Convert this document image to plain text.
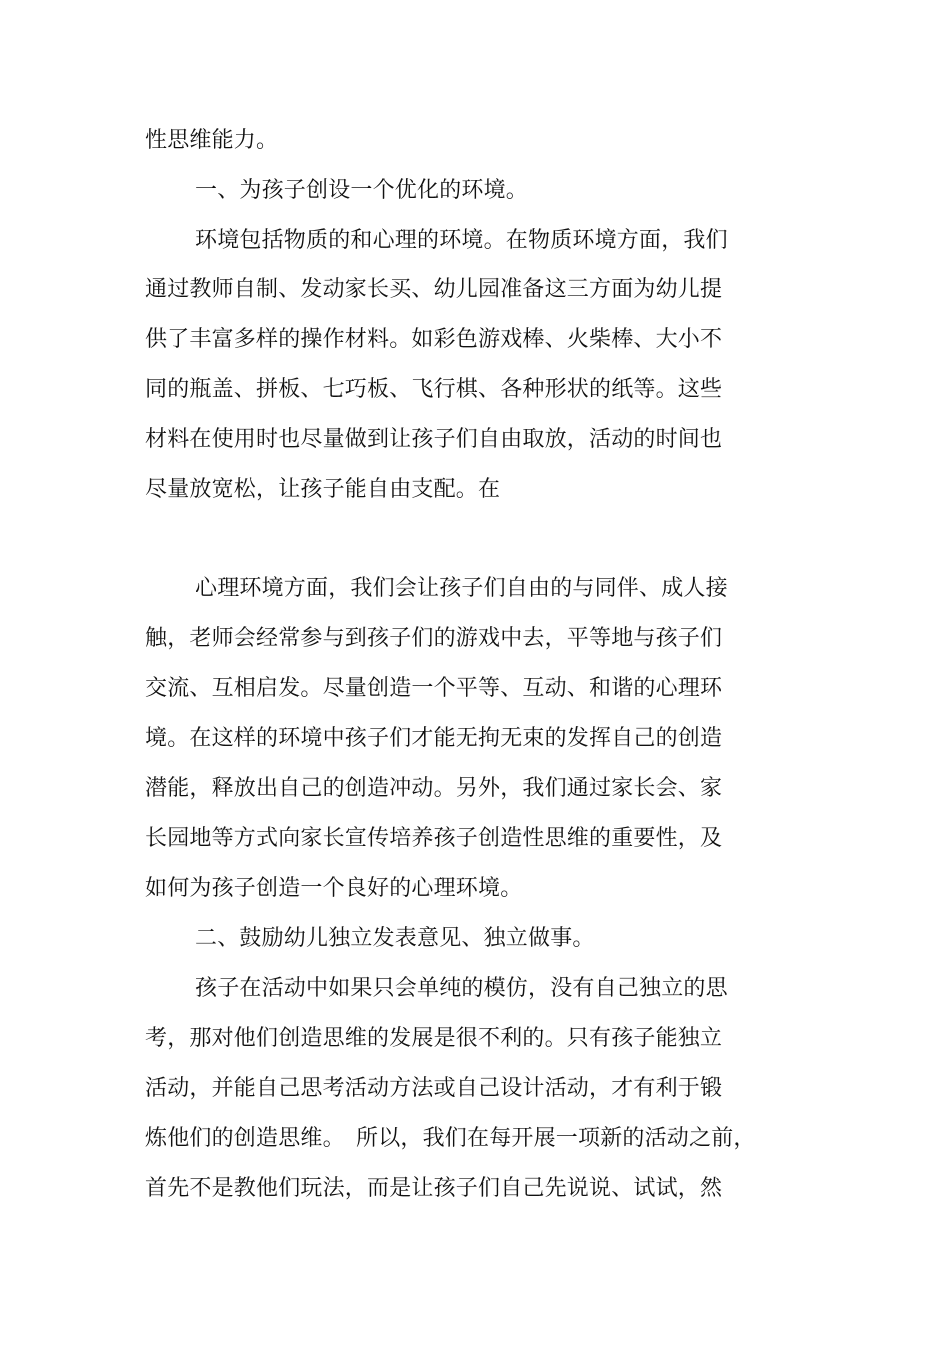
性思维能力。
一、为孩子创设一个优化的环境。
环境包括物质的和心理的环境。在物质环境方面，我们
通过教师自制、发动家长买、幼儿园准备这三方面为幼儿提
供了丰富多样的操作材料。如彩色游戏棒、火柴棒、大小不
同的瓶盖、拼板、七巧板、飞行棋、各种形状的纸等。这些
材料在使用时也尽量做到让孩子们自由取放，活动的时间也
尽量放宽松，让孩子能自由支配。在
心理环境方面，我们会让孩子们自由的与同伴、成人接
触，老师会经常参与到孩子们的游戏中去，平等地与孩子们
交流、互相启发。尽量创造一个平等、互动、和谐的心理环
境。在这样的环境中孩子们才能无拘无束的发挥自己的创造
潜能，释放出自己的创造冲动。另外，我们通过家长会、家
长园地等方式向家长宣传培养孩子创造性思维的重要性，及
如何为孩子创造一个良好的心理环境。
二、鼓励幼儿独立发表意见、独立做事。
孩子在活动中如果只会单纯的模仿，没有自己独立的思
考，那对他们创造思维的发展是很不利的。只有孩子能独立
活动，并能自己思考活动方法或自己设计活动，才有利于锻
炼他们的创造思维。　所以，我们在每开展一项新的活动之前，
首先不是教他们玩法，而是让孩子们自己先说说、试试，然
